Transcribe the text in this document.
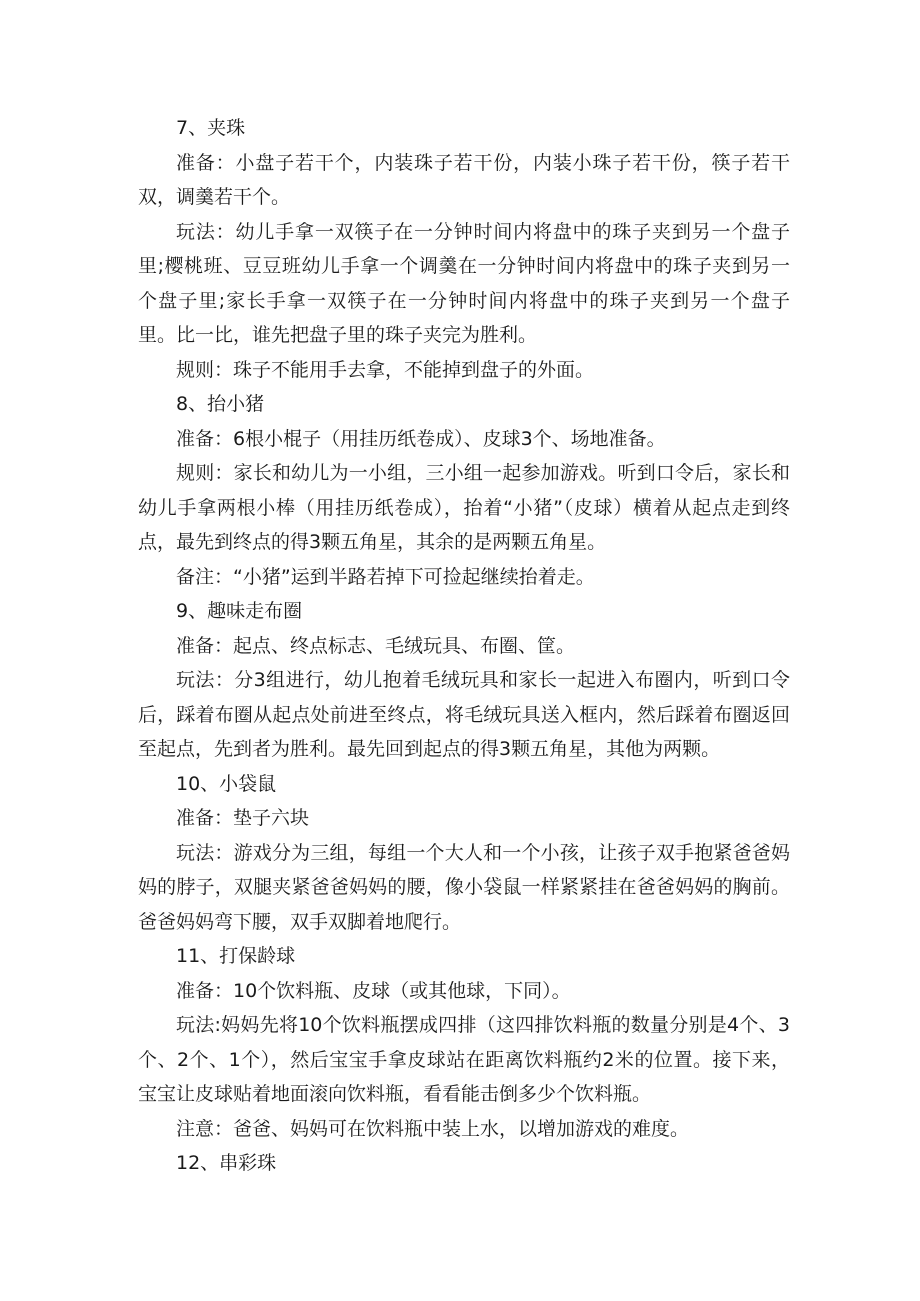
7、夹珠

准备：小盘子若干个，内装珠子若干份，内装小珠子若干份，筷子若干双，调羹若干个。

玩法：幼儿手拿一双筷子在一分钟时间内将盘中的珠子夹到另一个盘子里;樱桃班、豆豆班幼儿手拿一个调羹在一分钟时间内将盘中的珠子夹到另一个盘子里;家长手拿一双筷子在一分钟时间内将盘中的珠子夹到另一个盘子里。比一比，谁先把盘子里的珠子夹完为胜利。

规则：珠子不能用手去拿，不能掉到盘子的外面。

8、抬小猪

准备：6根小棍子（用挂历纸卷成）、皮球3个、场地准备。

规则：家长和幼儿为一小组，三小组一起参加游戏。听到口令后，家长和幼儿手拿两根小棒（用挂历纸卷成），抬着“小猪”（皮球）横着从起点走到终点，最先到终点的得3颗五角星，其余的是两颗五角星。

备注：“小猪”运到半路若掉下可捡起继续抬着走。

9、趣味走布圈

准备：起点、终点标志、毛绒玩具、布圈、筐。

玩法：分3组进行，幼儿抱着毛绒玩具和家长一起进入布圈内，听到口令后，踩着布圈从起点处前进至终点，将毛绒玩具送入框内，然后踩着布圈返回至起点，先到者为胜利。最先回到起点的得3颗五角星，其他为两颗。

10、小袋鼠

准备：垫子六块

玩法：游戏分为三组，每组一个大人和一个小孩，让孩子双手抱紧爸爸妈妈的脖子，双腿夹紧爸爸妈妈的腰，像小袋鼠一样紧紧挂在爸爸妈妈的胸前。爸爸妈妈弯下腰，双手双脚着地爬行。

11、打保龄球

准备：10个饮料瓶、皮球（或其他球，下同）。

玩法:妈妈先将10个饮料瓶摆成四排（这四排饮料瓶的数量分别是4个、3个、2个、1个），然后宝宝手拿皮球站在距离饮料瓶约2米的位置。接下来，宝宝让皮球贴着地面滚向饮料瓶，看看能击倒多少个饮料瓶。

注意：爸爸、妈妈可在饮料瓶中装上水，以增加游戏的难度。

12、串彩珠
